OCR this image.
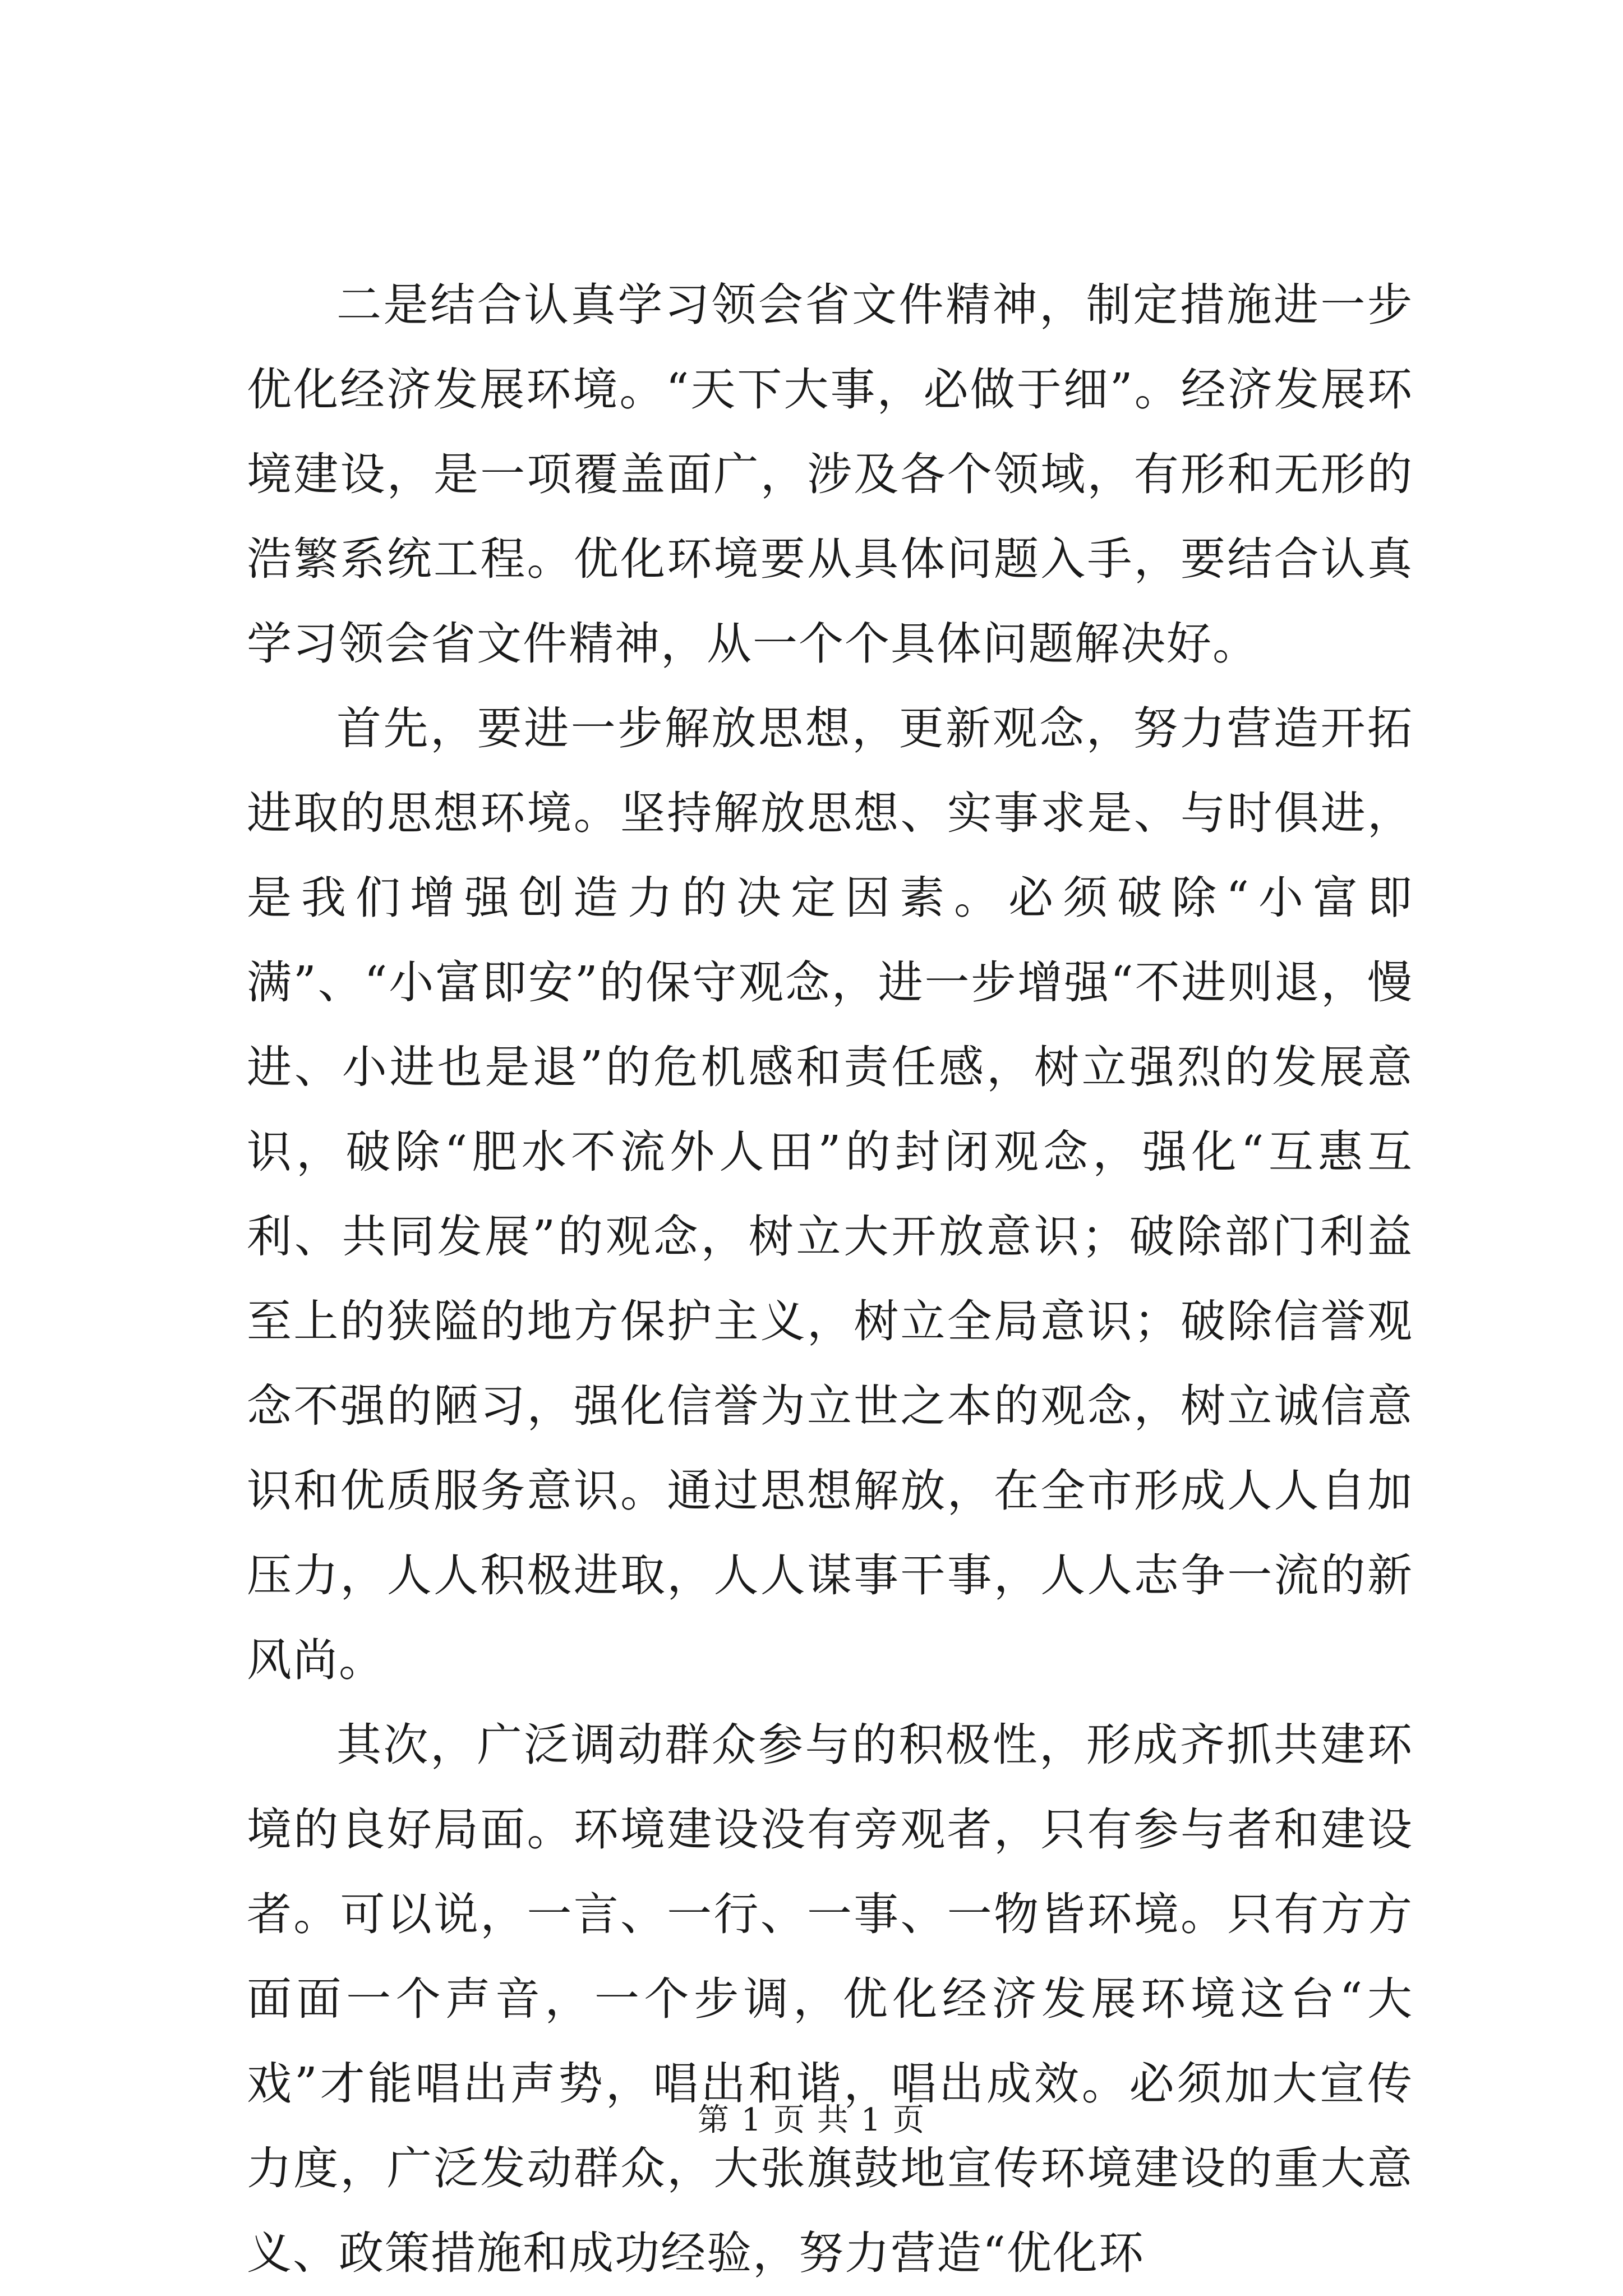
二是结合认真学习领会省文件精神，制定措施进一步优化经济发展环境。“天下大事，必做于细”。经济发展环境建设，是一项覆盖面广，涉及各个领域，有形和无形的浩繁系统工程。优化环境要从具体问题入手，要结合认真学习领会省文件精神，从一个个具体问题解决好。

首先，要进一步解放思想，更新观念，努力营造开拓进取的思想环境。坚持解放思想、实事求是、与时俱进，是我们增强创造力的决定因素。必须破除“小富即满”、“小富即安”的保守观念，进一步增强“不进则退，慢进、小进也是退”的危机感和责任感，树立强烈的发展意识，破除“肥水不流外人田”的封闭观念，强化“互惠互利、共同发展”的观念，树立大开放意识；破除部门利益至上的狭隘的地方保护主义，树立全局意识；破除信誉观念不强的陋习，强化信誉为立世之本的观念，树立诚信意识和优质服务意识。通过思想解放，在全市形成人人自加压力，人人积极进取，人人谋事干事，人人志争一流的新风尚。

其次，广泛调动群众参与的积极性，形成齐抓共建环境的良好局面。环境建设没有旁观者，只有参与者和建设者。可以说，一言、一行、一事、一物皆环境。只有方方面面一个声音，一个步调，优化经济发展环境这台“大戏”才能唱出声势，唱出和谐，唱出成效。必须加大宣传力度，广泛发动群众，大张旗鼓地宣传环境建设的重大意义、政策措施和成功经验，努力营造“优化环

第 1 页 共 1 页
